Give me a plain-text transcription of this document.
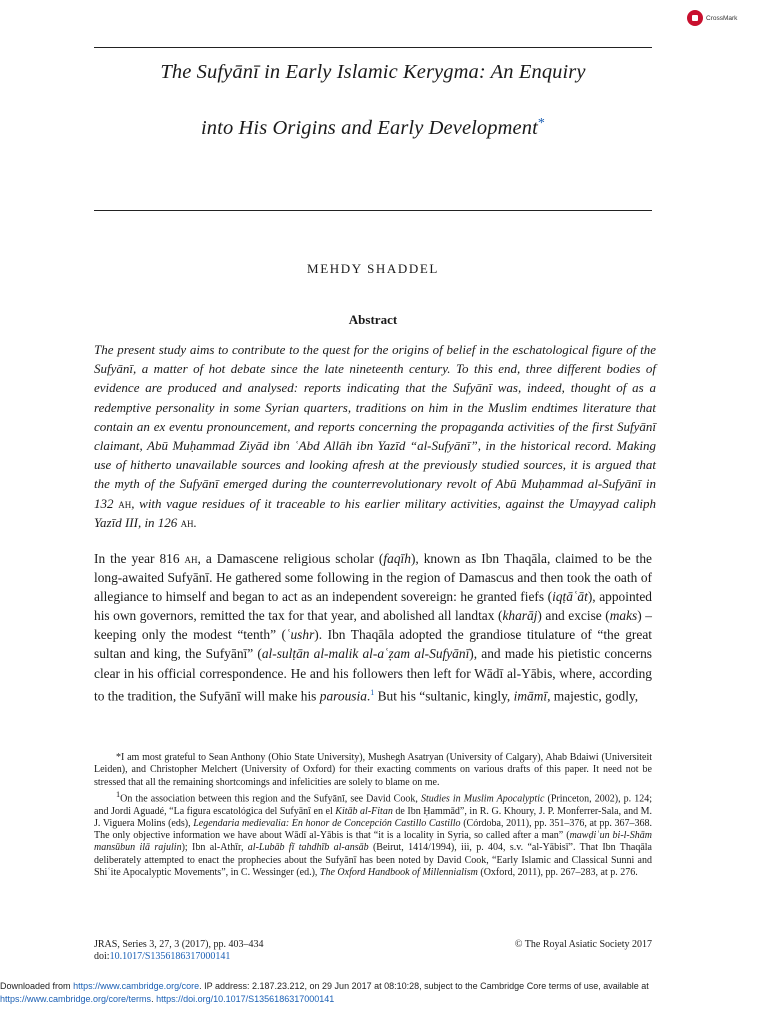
CrossMark
The Sufyānī in Early Islamic Kerygma: An Enquiry
into His Origins and Early Development*
MEHDY SHADDEL
Abstract
The present study aims to contribute to the quest for the origins of belief in the eschatological figure of the Sufyānī, a matter of hot debate since the late nineteenth century. To this end, three different bodies of evidence are produced and analysed: reports indicating that the Sufyānī was, indeed, thought of as a redemptive personality in some Syrian quarters, traditions on him in the Muslim endtimes literature that contain an ex eventu pronouncement, and reports concerning the propaganda activities of the first Sufyānī claimant, Abū Muḥammad Ziyād ibn ʿAbd Allāh ibn Yazīd “al-Sufyānī”, in the historical record. Making use of hitherto unavailable sources and looking afresh at the previously studied sources, it is argued that the myth of the Sufyānī emerged during the counterrevolutionary revolt of Abū Muḥammad al-Sufyānī in 132 ah, with vague residues of it traceable to his earlier military activities, against the Umayyad caliph Yazīd III, in 126 ah.
In the year 816 ah, a Damascene religious scholar (faqīh), known as Ibn Thaqāla, claimed to be the long-awaited Sufyānī. He gathered some following in the region of Damascus and then took the oath of allegiance to himself and began to act as an independent sovereign: he granted fiefs (iqṭāʿāt), appointed his own governors, remitted the tax for that year, and abolished all landtax (kharāj) and excise (maks) – keeping only the modest “tenth” (ʿushr). Ibn Thaqāla adopted the grandiose titulature of “the great sultan and king, the Sufyānī” (al-sulṭān al-malik al-aʿẓam al-Sufyānī), and made his pietistic concerns clear in his official correspondence. He and his followers then left for Wādī al-Yābis, where, according to the tradition, the Sufyānī will make his parousia.$^1$ But his “sultanic, kingly, imāmī, majestic, godly,

*I am most grateful to Sean Anthony (Ohio State University), Mushegh Asatryan (University of Calgary), Ahab Bdaiwi (Universiteit Leiden), and Christopher Melchert (University of Oxford) for their exacting comments on various drafts of this paper. It need not be stressed that all the remaining shortcomings and infelicities are solely to blame on me.

$^1$On the association between this region and the Sufyānī, see David Cook, Studies in Muslim Apocalyptic (Princeton, 2002), p. 124; and Jordi Aguadé, “La figura escatológica del Sufyānī en el Kitāb al-Fitan de Ibn Ḥammād”, in R. G. Khoury, J. P. Monferrer-Sala, and M. J. Viguera Molins (eds), Legendaria medievalia: En honor de Concepción Castillo Castillo (Córdoba, 2011), pp. 351–376, at pp. 367–368. The only objective information we have about Wādī al-Yābis is that “it is a locality in Syria, so called after a man” (mawḍiʿun bi-l-Shām mansūbun ilā rajulin); Ibn al-Athīr, al-Lubāb fī tahdhīb al-ansāb (Beirut, 1414/1994), iii, p. 404, s.v. “al-Yābisī”. That Ibn Thaqāla deliberately attempted to enact the prophecies about the Sufyānī has been noted by David Cook, “Early Islamic and Classical Sunni and Shiʿite Apocalyptic Movements”, in C. Wessinger (ed.), The Oxford Handbook of Millennialism (Oxford, 2011), pp. 267–283, at p. 276.

JRAS, Series 3, 27, 3 (2017), pp. 403–434
doi:10.1017/S1356186317000141
© The Royal Asiatic Society 2017
Downloaded from https://www.cambridge.org/core. IP address: 2.187.23.212, on 29 Jun 2017 at 08:10:28, subject to the Cambridge Core terms of use, available at https://www.cambridge.org/core/terms. https://doi.org/10.1017/S1356186317000141
